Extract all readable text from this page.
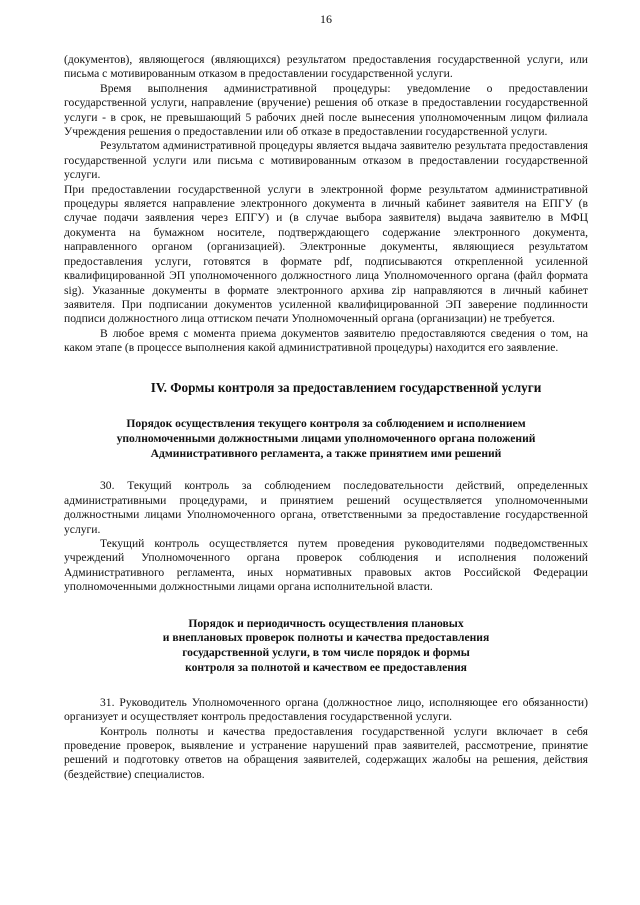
16

(документов), являющегося (являющихся) результатом предоставления государственной услуги, или письма с мотивированным отказом в предоставлении государственной услуги.

Время выполнения административной процедуры: уведомление о предоставлении государственной услуги, направление (вручение) решения об отказе в предоставлении государственной услуги - в срок, не превышающий 5 рабочих дней после вынесения уполномоченным лицом филиала Учреждения решения о предоставлении или об отказе в предоставлении государственной услуги.

Результатом административной процедуры является выдача заявителю результата предоставления государственной услуги или письма с мотивированным отказом в предоставлении государственной услуги.

При предоставлении государственной услуги в электронной форме результатом административной процедуры является направление электронного документа в личный кабинет заявителя на ЕПГУ (в случае подачи заявления через ЕПГУ) и (в случае выбора заявителя) выдача заявителю в МФЦ документа на бумажном носителе, подтверждающего содержание электронного документа, направленного органом (организацией). Электронные документы, являющиеся результатом предоставления услуги, готовятся в формате pdf, подписываются открепленной усиленной квалифицированной ЭП уполномоченного должностного лица Уполномоченного органа (файл формата sig). Указанные документы в формате электронного архива zip направляются в личный кабинет заявителя. При подписании документов усиленной квалифицированной ЭП заверение подлинности подписи должностного лица оттиском печати Уполномоченный органа (организации) не требуется.

В любое время с момента приема документов заявителю предоставляются сведения о том, на каком этапе (в процессе выполнения какой административной процедуры) находится его заявление.

IV. Формы контроля за предоставлением государственной услуги
Порядок осуществления текущего контроля за соблюдением и исполнением
уполномоченными должностными лицами уполномоченного органа положений
Административного регламента, а также принятием ими решений

30. Текущий контроль за соблюдением последовательности действий, определенных административными процедурами, и принятием решений осуществляется уполномоченными должностными лицами Уполномоченного органа, ответственными за предоставление государственной услуги.

Текущий контроль осуществляется путем проведения руководителями подведомственных учреждений Уполномоченного органа проверок соблюдения и исполнения положений Административного регламента, иных нормативных правовых актов Российской Федерации уполномоченными должностными лицами органа исполнительной власти.

Порядок и периодичность осуществления плановых
и внеплановых проверок полноты и качества предоставления
государственной услуги, в том числе порядок и формы
контроля за полнотой и качеством ее предоставления

31. Руководитель Уполномоченного органа (должностное лицо, исполняющее его обязанности) организует и осуществляет контроль предоставления государственной услуги.

Контроль полноты и качества предоставления государственной услуги включает в себя проведение проверок, выявление и устранение нарушений прав заявителей, рассмотрение, принятие решений и подготовку ответов на обращения заявителей, содержащих жалобы на решения, действия (бездействие) специалистов.
